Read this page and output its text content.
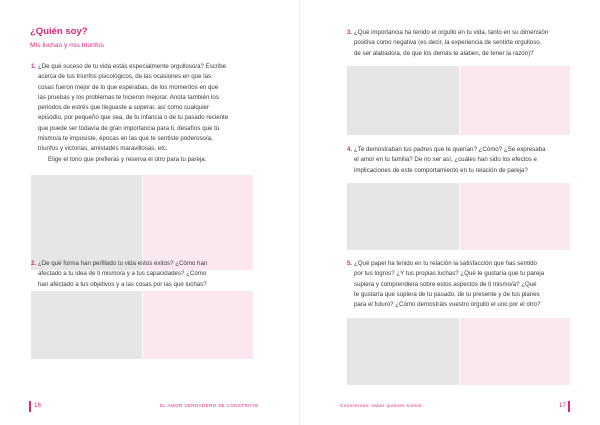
¿Quién soy?
Mis luchas y mis triunfos
1. ¿De qué suceso de tu vida estás especialmente orgulloso/a? Escribe
acerca de tus triunfos psicológicos, de las ocasiones en que las
cosas fueron mejor de lo que esperabas, de los momentos en que
las pruebas y los problemas te hicieron mejorar. Anota también los
periodos de estrés que lleguaste a superar, así como cualquier
episodio, por pequeño que sea, de tu infancia o de tu pasado reciente
que puede ser todavía de gran importancia para ti, desafíos que tú
mismo/a te impusiste, épocas en las que te sentiste poderoso/a,
triunfos y victorias, amistades maravillosas, etc.
Elige el tono que prefieras y reserva el otro para tu pareja.
2. ¿De qué forma han perfilado tu vida estos éxitos? ¿Cómo han
afectado a tu idea de ti mismo/a y a tus capacidades? ¿Cómo
han afectado a tus objetivos y a las cosas por las que luchas?
16	EL AMOR VERDADERO SE CONSTRUYE
3. ¿Qué importancia ha tenido el orgullo en tu vida, tanto en su dimensión
positiva como negativa (es decir, la experiencia de sentirte orgulloso,
de ser alabado/a, de que los demás te alaben, de tener la razón)?
4. ¿Te demostraban tus padres que te querían? ¿Cómo? ¿Se expresaba
el amor en tu familia? De no ser así, ¿cuáles han sido los efectos e
implicaciones de este comportamiento en tu relación de pareja?
5. ¿Qué papel ha tenido en tu relación la satisfacción que has sentido
por tus logros? ¿Y tus propias luchas? ¿Qué te gustaría que tu pareja
supiera y comprendiera sobre estos aspectos de ti mismo/a? ¿Qué
te gustaría que supiera de tu pasado, de tu presente y de tus planes
para el futuro? ¿Cómo demostráis vuestro orgullo el uno por el otro?
Conocernos: saber quiénes somos	17
